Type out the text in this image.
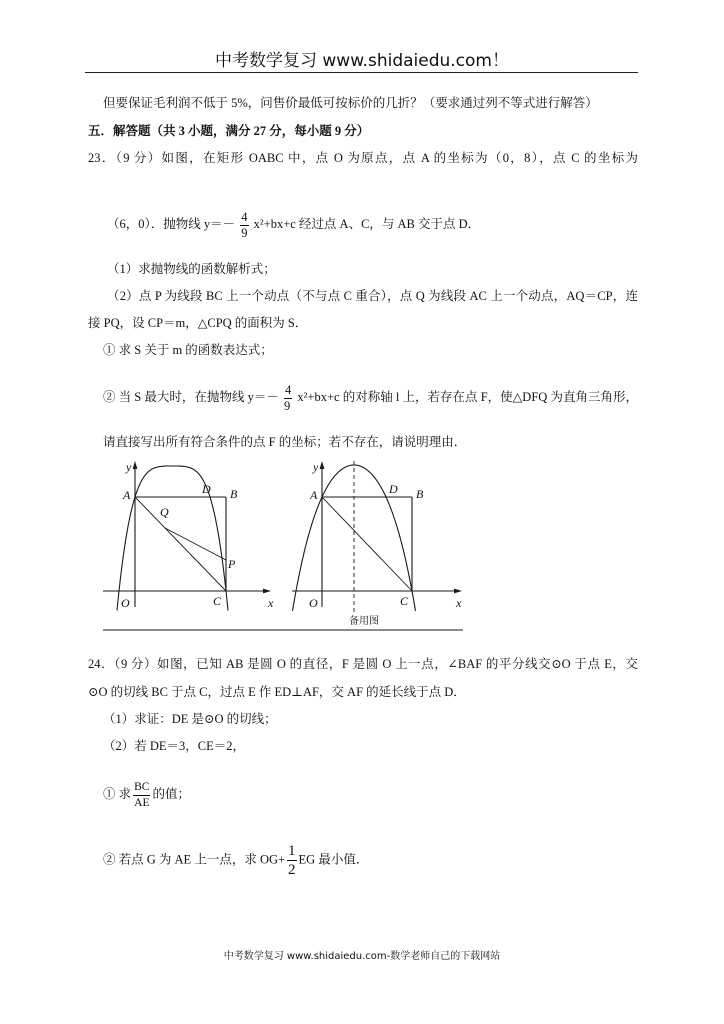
中考数学复习 www.shidaiedu.com！
但要保证毛利润不低于 5%，问售价最低可按标价的几折？（要求通过列不等式进行解答）
五．解答题（共 3 小题，满分 27 分，每小题 9 分）
23．（9 分）如图，在矩形 OABC 中，点 O 为原点，点 A 的坐标为（0，8），点 C 的坐标为
（6，0）．抛物线 $y=- \frac{4}{9} x^2+bx+c$ 经过点 A、C，与 AB 交于点 D．
（1）求抛物线的函数解析式；
（2）点 P 为线段 BC 上一个动点（不与点 C 重合），点 Q 为线段 AC 上一个动点，AQ＝CP，连
接 PQ，设 CP＝m，△CPQ 的面积为 S．
① 求 S 关于 m 的函数表达式；
② 当 S 最大时，在抛物线 $y=- \frac{4}{9} x^2+bx+c$ 的对称轴 l 上，若存在点 F，使△DFQ 为直角三角形，
请直接写出所有符合条件的点 F 的坐标；若不存在，请说明理由．
y
x
O
A	D B
Q
P
C
y
x
O
A	D B
C
备用图
24．（9 分）如图，已知 AB 是圆 O 的直径，F 是圆 O 上一点，∠BAF 的平分线交⊙O 于点 E，交
⊙O 的切线 BC 于点 C，过点 E 作 ED⊥AF，交 AF 的延长线于点 D．
（1）求证：DE 是⊙O 的切线；
（2）若 DE＝3，CE＝2，
① 求 $\frac{BC}{AE}$ 的值；
② 若点 G 为 AE 上一点，求 $OG+ \frac{1}{2}$ EG 最小值．
中考数学复习 www.shidaiedu.com-数学老师自己的下载网站
